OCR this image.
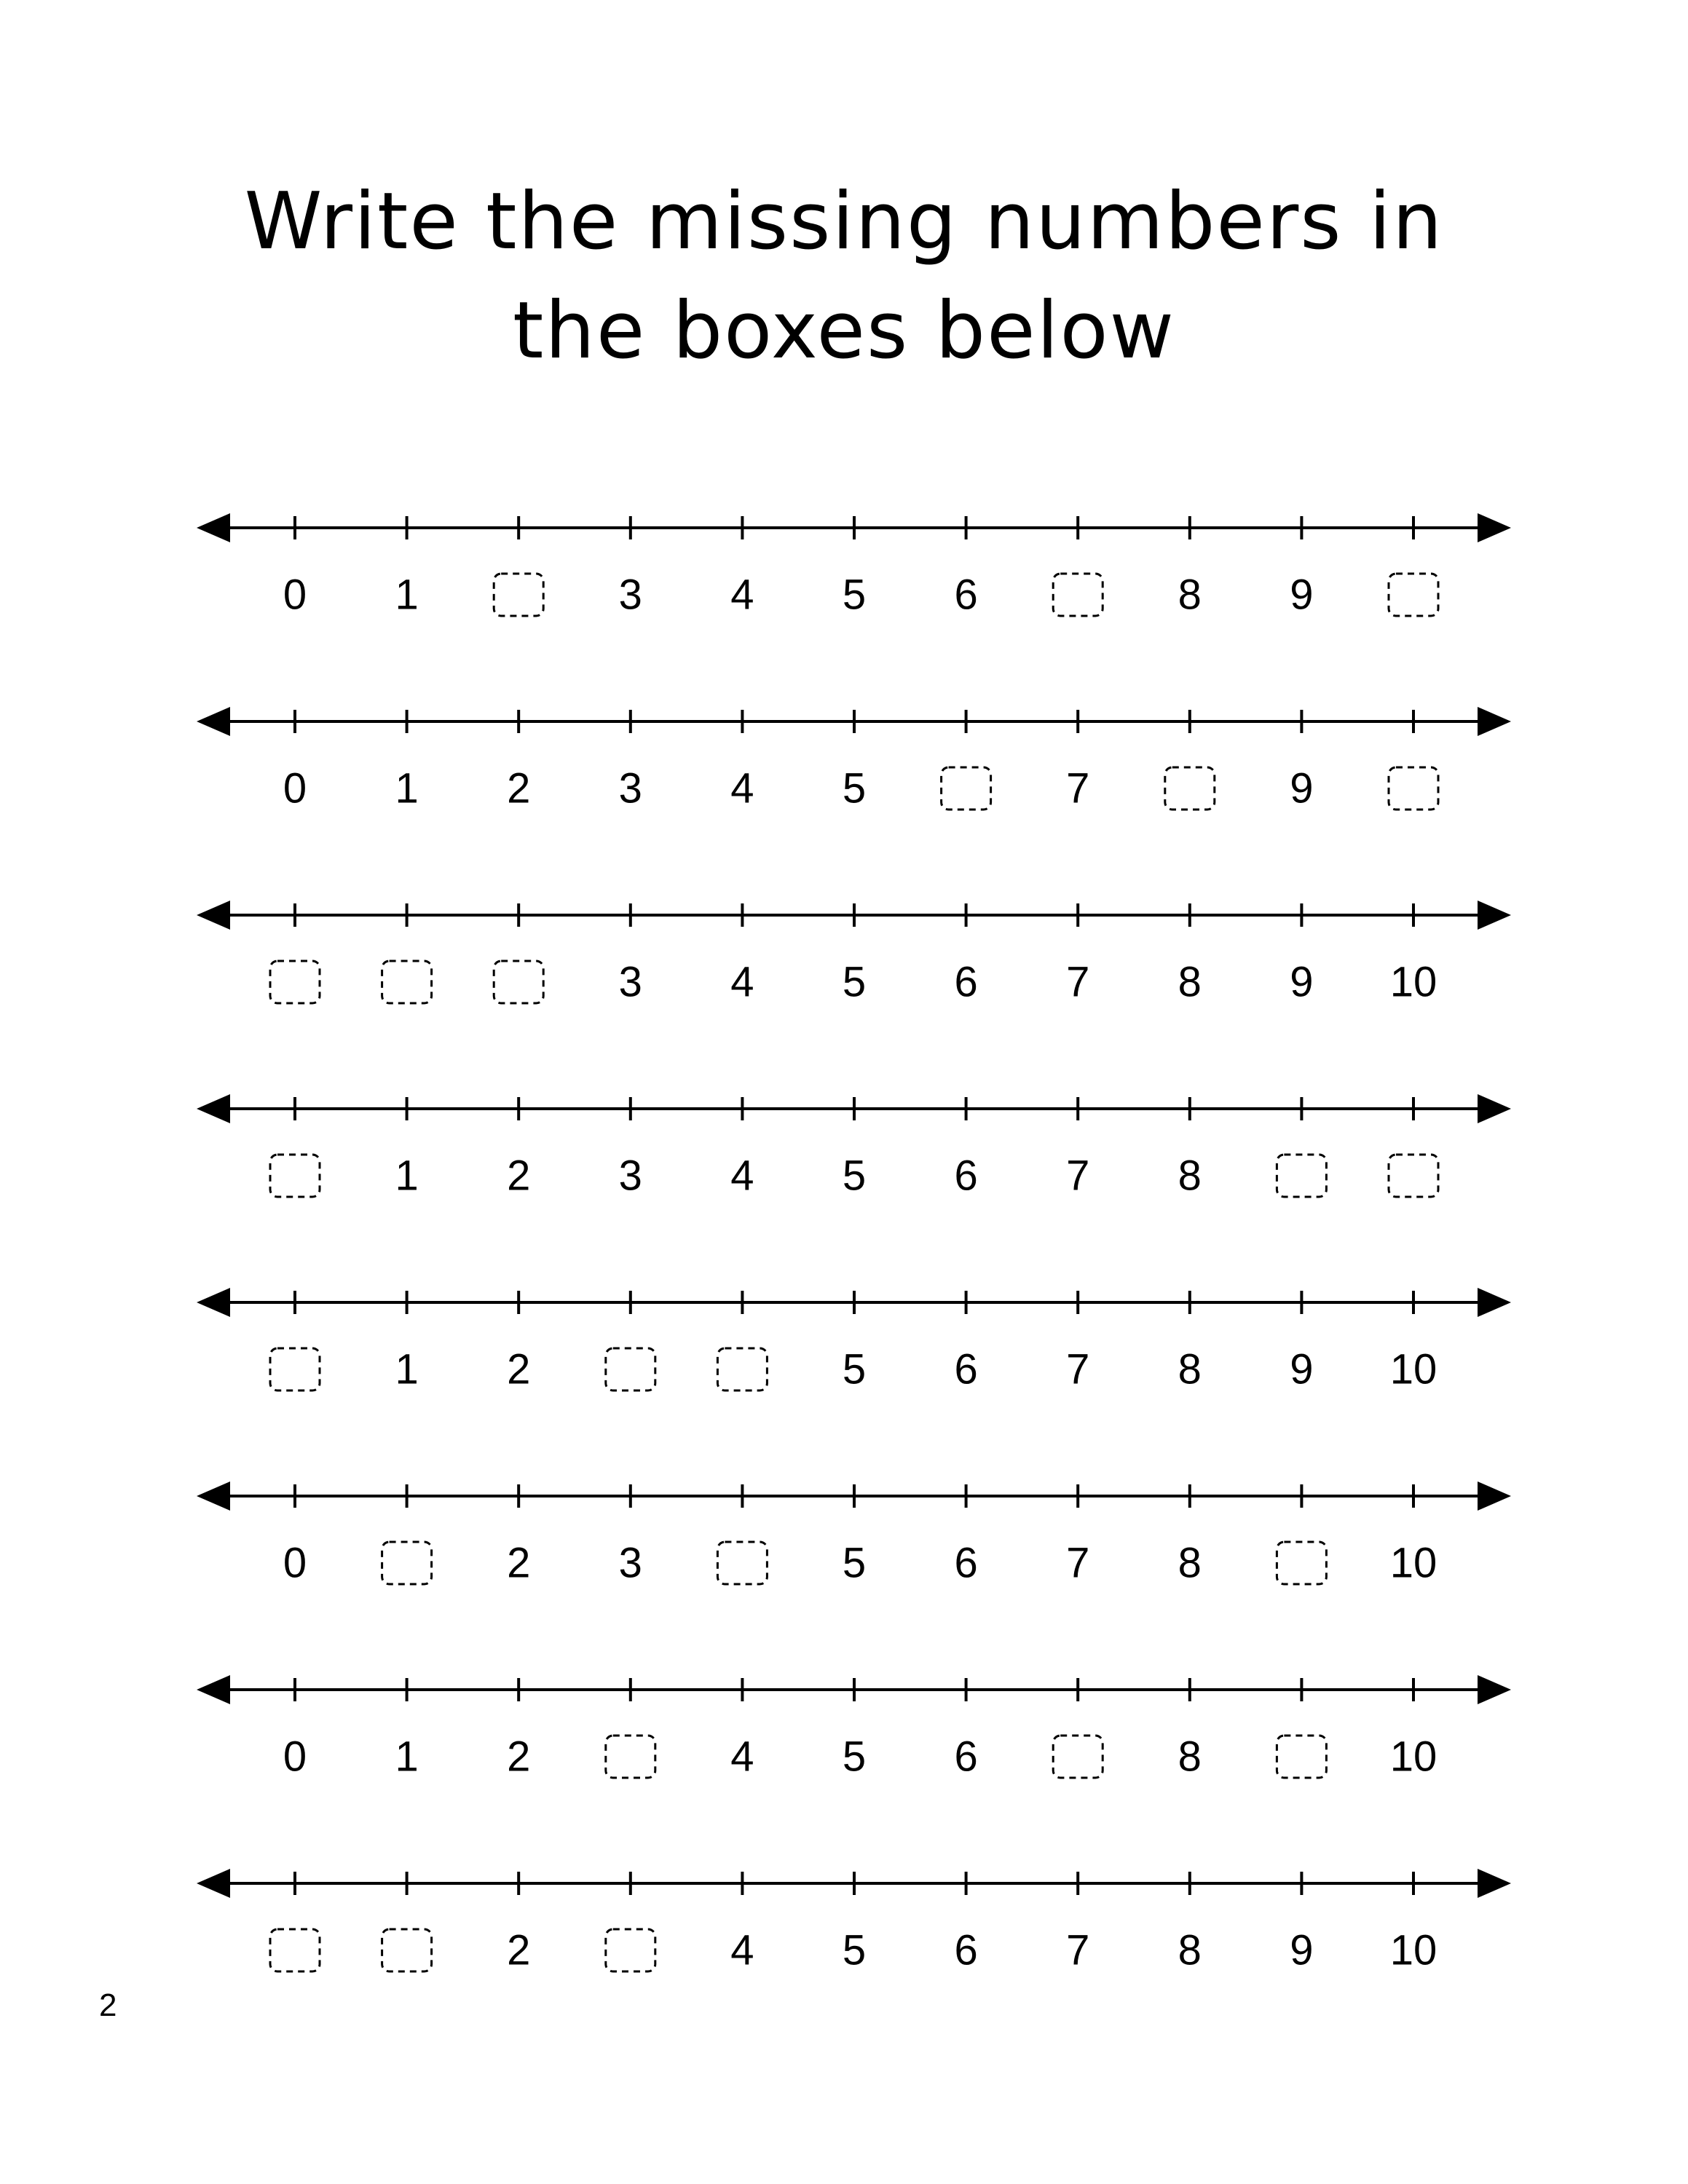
Write the missing numbers in
the boxes below
0 1	3 4 5 6	8 9
0 1 2 3 4 5	7	9
3 4 5 6 7 8 9 10
1 2 3 4 5 6 7 8
1 2	5 6 7 8 9 10
0	2 3	5 6 7 8	10
0 1 2	4 5 6	8	10
2	4 5 6 7 8 9 10
2
